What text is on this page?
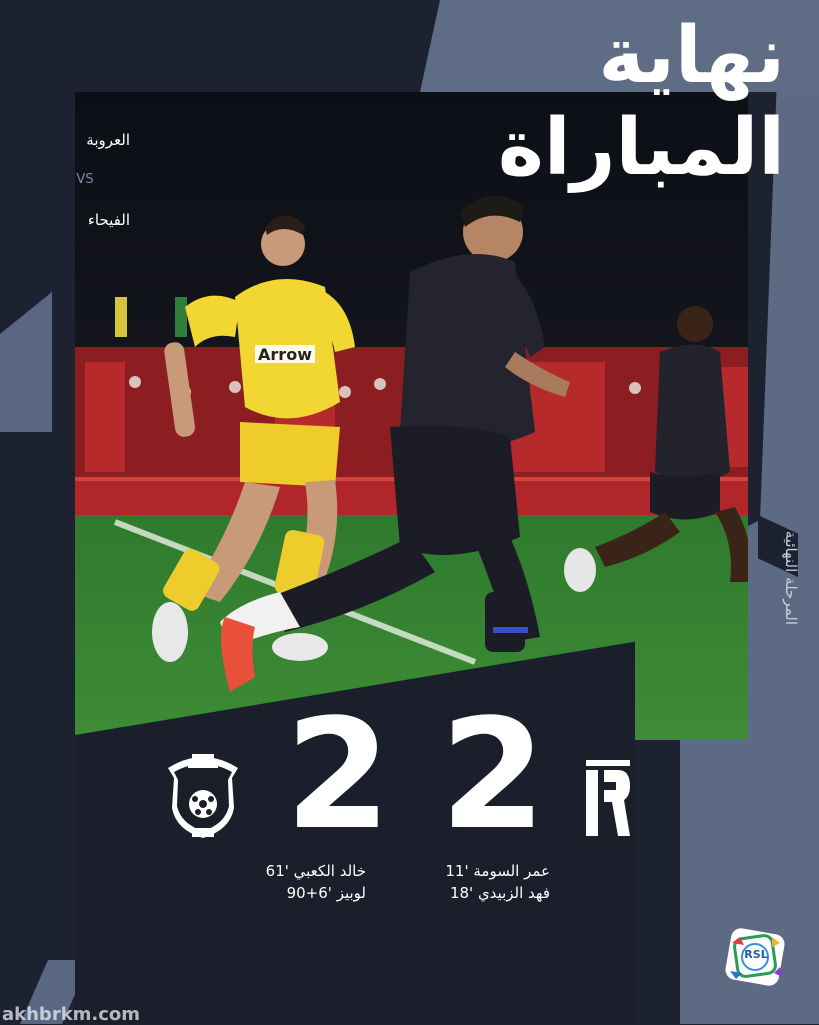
Arrow
نهاية المباراة
العروبة
VS
الفيحاء
المرحلة النهائية
2 2
خالد الكعبي '61
لوبيز '6+90
عمر السومة '11
فهد الزبيدي '18
RSL
akhbrkm.com
